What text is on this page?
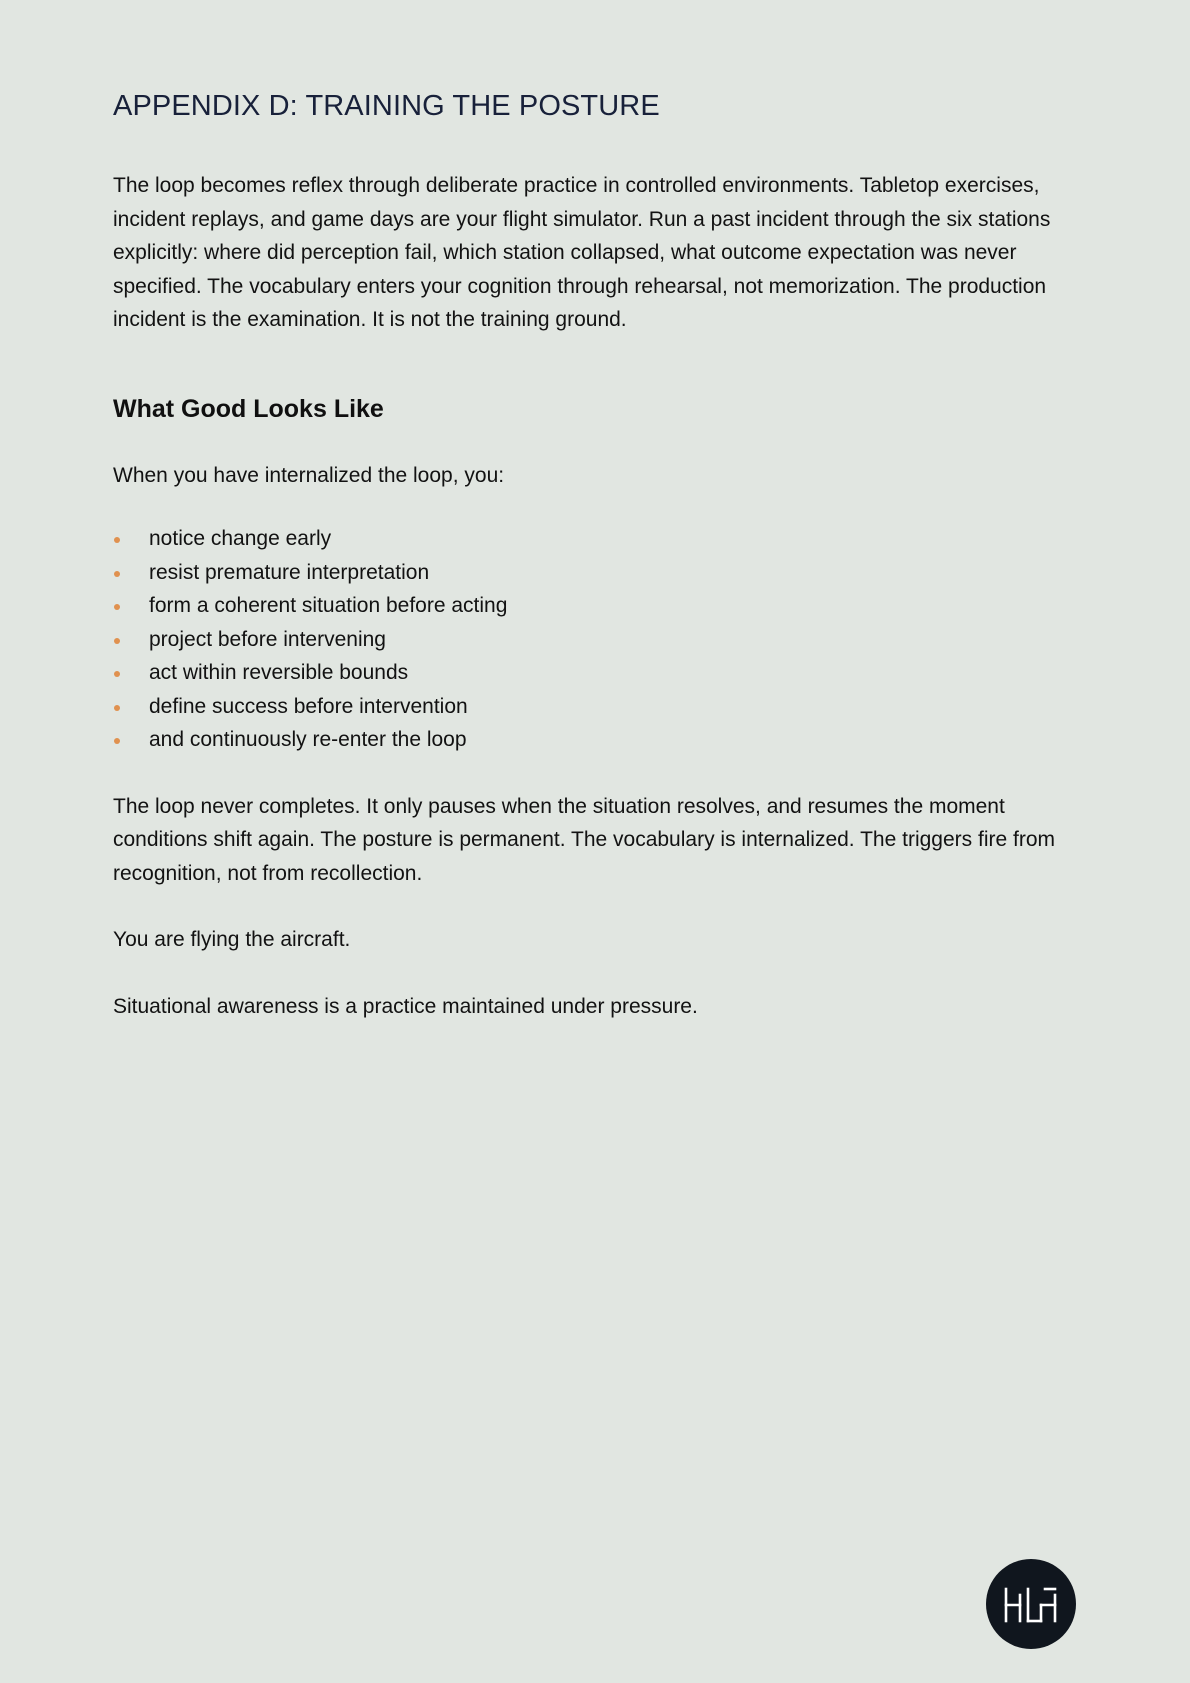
APPENDIX D: TRAINING THE POSTURE

The loop becomes reflex through deliberate practice in controlled environments. Tabletop exercises, incident replays, and game days are your flight simulator. Run a past incident through the six stations explicitly: where did perception fail, which station collapsed, what outcome expectation was never specified. The vocabulary enters your cognition through rehearsal, not memorization. The production incident is the examination. It is not the training ground.

What Good Looks Like

When you have internalized the loop, you:

notice change early
resist premature interpretation
form a coherent situation before acting
project before intervening
act within reversible bounds
define success before intervention
and continuously re-enter the loop

The loop never completes. It only pauses when the situation resolves, and resumes the moment conditions shift again. The posture is permanent. The vocabulary is internalized. The triggers fire from recognition, not from recollection.

You are flying the aircraft.

Situational awareness is a practice maintained under pressure.
